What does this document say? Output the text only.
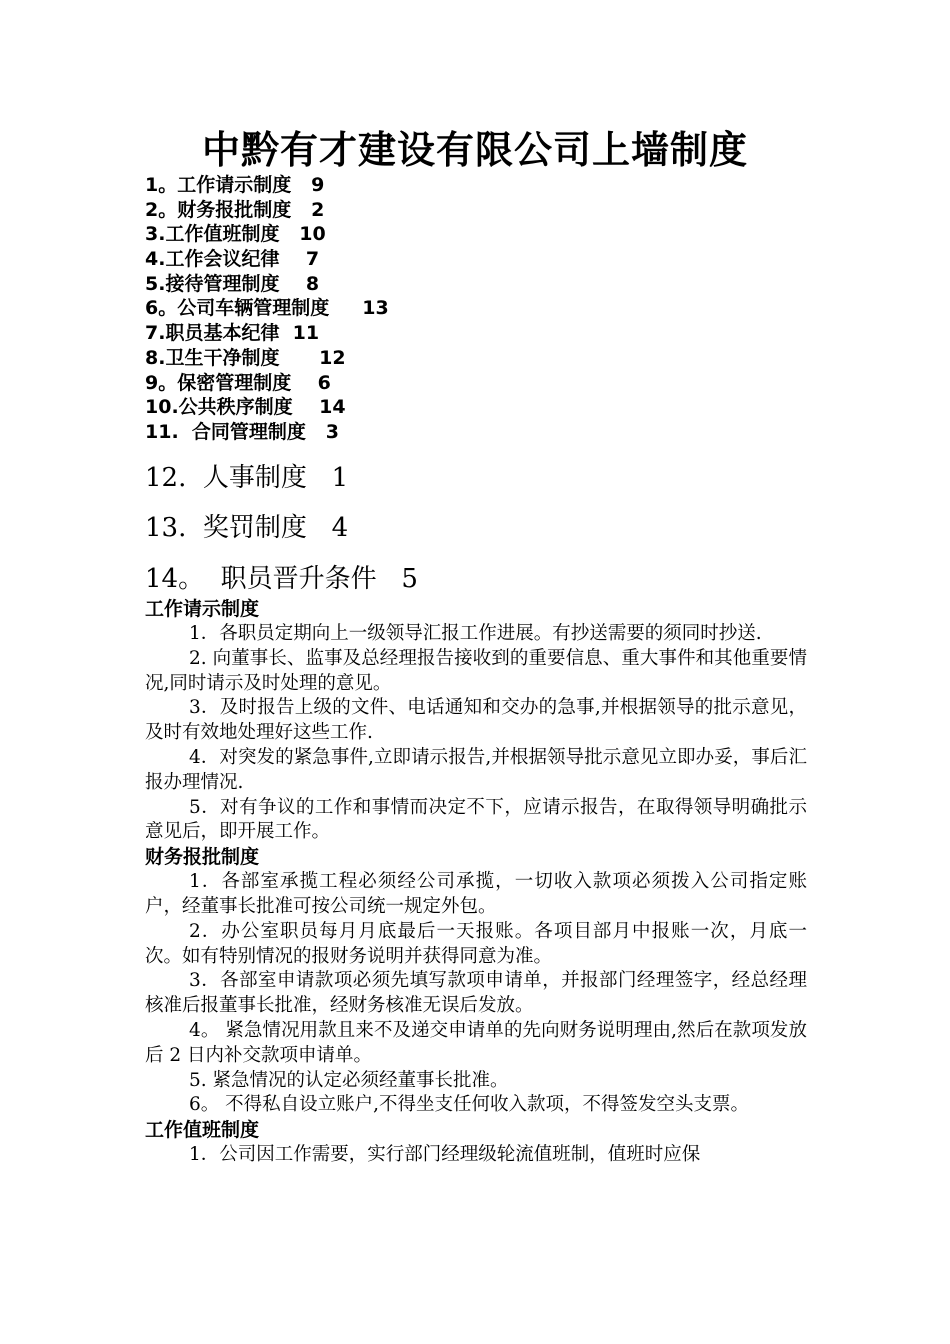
中黔有才建设有限公司上墙制度
1。工作请示制度   9
2。财务报批制度   2
3.工作值班制度   10
4.工作会议纪律    7
5.接待管理制度    8
6。公司车辆管理制度     13
7.职员基本纪律  11
8.卫生干净制度      12
9。保密管理制度    6
10.公共秩序制度    14
11.  合同管理制度   3
12.  人事制度   1
13.  奖罚制度   4
14。  职员晋升条件   5

工作请示制度

1．各职员定期向上一级领导汇报工作进展。有抄送需要的须同时抄送.

2. 向董事长、监事及总经理报告接收到的重要信息、重大事件和其他重要情况,同时请示及时处理的意见。

3．及时报告上级的文件、电话通知和交办的急事,并根据领导的批示意见，及时有效地处理好这些工作.

4．对突发的紧急事件,立即请示报告,并根据领导批示意见立即办妥，事后汇报办理情况.

5．对有争议的工作和事情而决定不下，应请示报告，在取得领导明确批示意见后，即开展工作。

财务报批制度

1．各部室承揽工程必须经公司承揽，一切收入款项必须拨入公司指定账户，经董事长批准可按公司统一规定外包。

2．办公室职员每月月底最后一天报账。各项目部月中报账一次，月底一次。如有特别情况的报财务说明并获得同意为准。

3．各部室申请款项必须先填写款项申请单，并报部门经理签字，经总经理核准后报董事长批准，经财务核准无误后发放。

4。 紧急情况用款且来不及递交申请单的先向财务说明理由,然后在款项发放后 2 日内补交款项申请单。

5. 紧急情况的认定必须经董事长批准。

6。 不得私自设立账户,不得坐支任何收入款项，不得签发空头支票。

工作值班制度

1．公司因工作需要，实行部门经理级轮流值班制，值班时应保
